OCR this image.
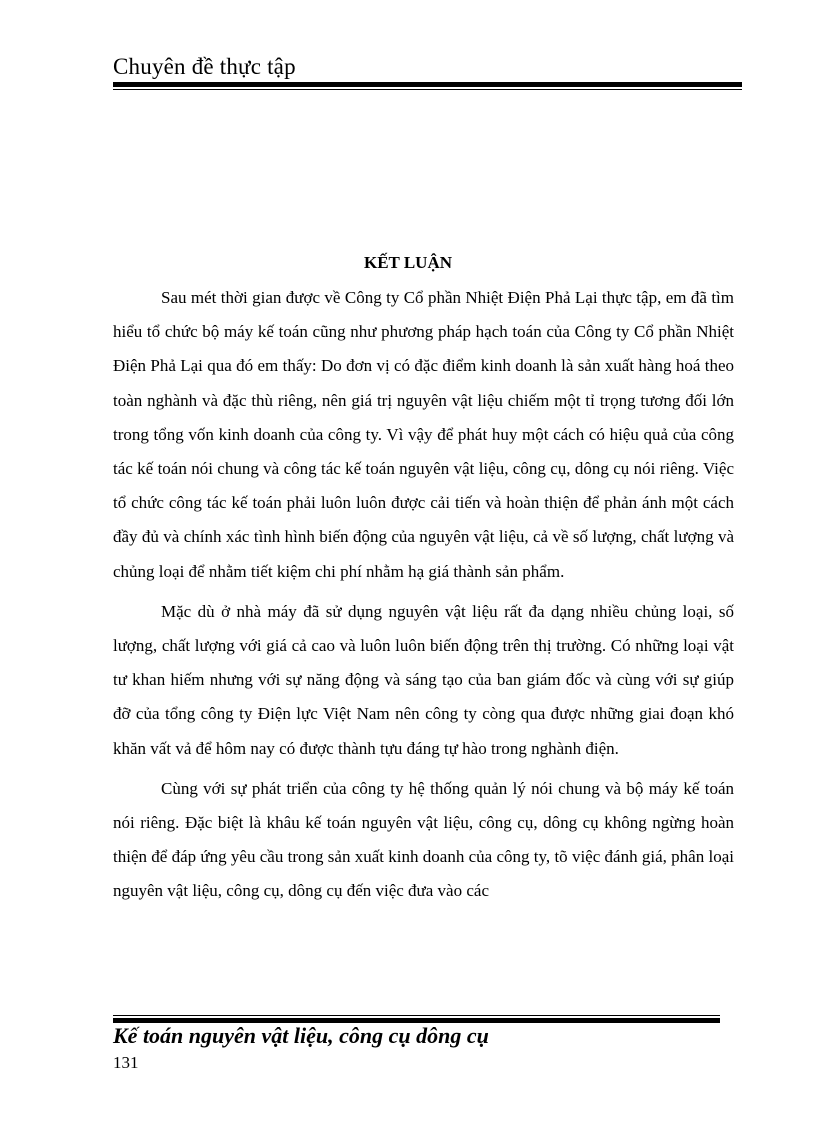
Chuyên đề thực tập
KẾT LUẬN

Sau mét thời gian được về Công ty Cổ phần Nhiệt Điện Phả Lại thực tập, em đã tìm hiểu tổ chức bộ máy kế toán cũng như phương pháp hạch toán của Công ty Cổ phần Nhiệt Điện Phả Lại qua đó em thấy: Do đơn vị có đặc điểm kinh doanh là sản xuất hàng hoá theo toàn nghành và đặc thù riêng, nên giá trị nguyên vật liệu chiếm một tỉ trọng tương đối lớn trong tổng vốn kinh doanh của công ty. Vì vậy để phát huy một cách có hiệu quả của công tác kế toán nói chung và công tác kế toán nguyên vật liệu, công cụ, dông cụ nói riêng. Việc tổ chức công tác kế toán phải luôn luôn được cải tiến và hoàn thiện để phản ánh một cách đầy đủ và chính xác tình hình biến động của nguyên vật liệu, cả về số lượng, chất lượng và chủng loại để nhằm tiết kiệm chi phí nhằm hạ giá thành sản phẩm.

Mặc dù ở nhà máy đã sử dụng nguyên vật liệu rất đa dạng nhiều chủng loại, số lượng, chất lượng với giá cả cao và luôn luôn biến động trên thị trường. Có những loại vật tư khan hiếm nhưng với sự năng động và sáng tạo của ban giám đốc và cùng với sự giúp đỡ của tổng công ty Điện lực Việt Nam nên công ty còng qua được những giai đoạn khó khăn vất vả để hôm nay có được thành tựu đáng tự hào trong nghành điện.

Cùng với sự phát triển của công ty hệ thống quản lý nói chung và bộ máy kế toán nói riêng. Đặc biệt là khâu kế toán nguyên vật liệu, công cụ, dông cụ không ngừng hoàn thiện để đáp ứng yêu cầu trong sản xuất kinh doanh của công ty, tõ việc đánh giá, phân loại nguyên vật liệu, công cụ, dông cụ đến việc đưa vào các

Kế toán nguyên vật liệu, công cụ dông cụ
131
